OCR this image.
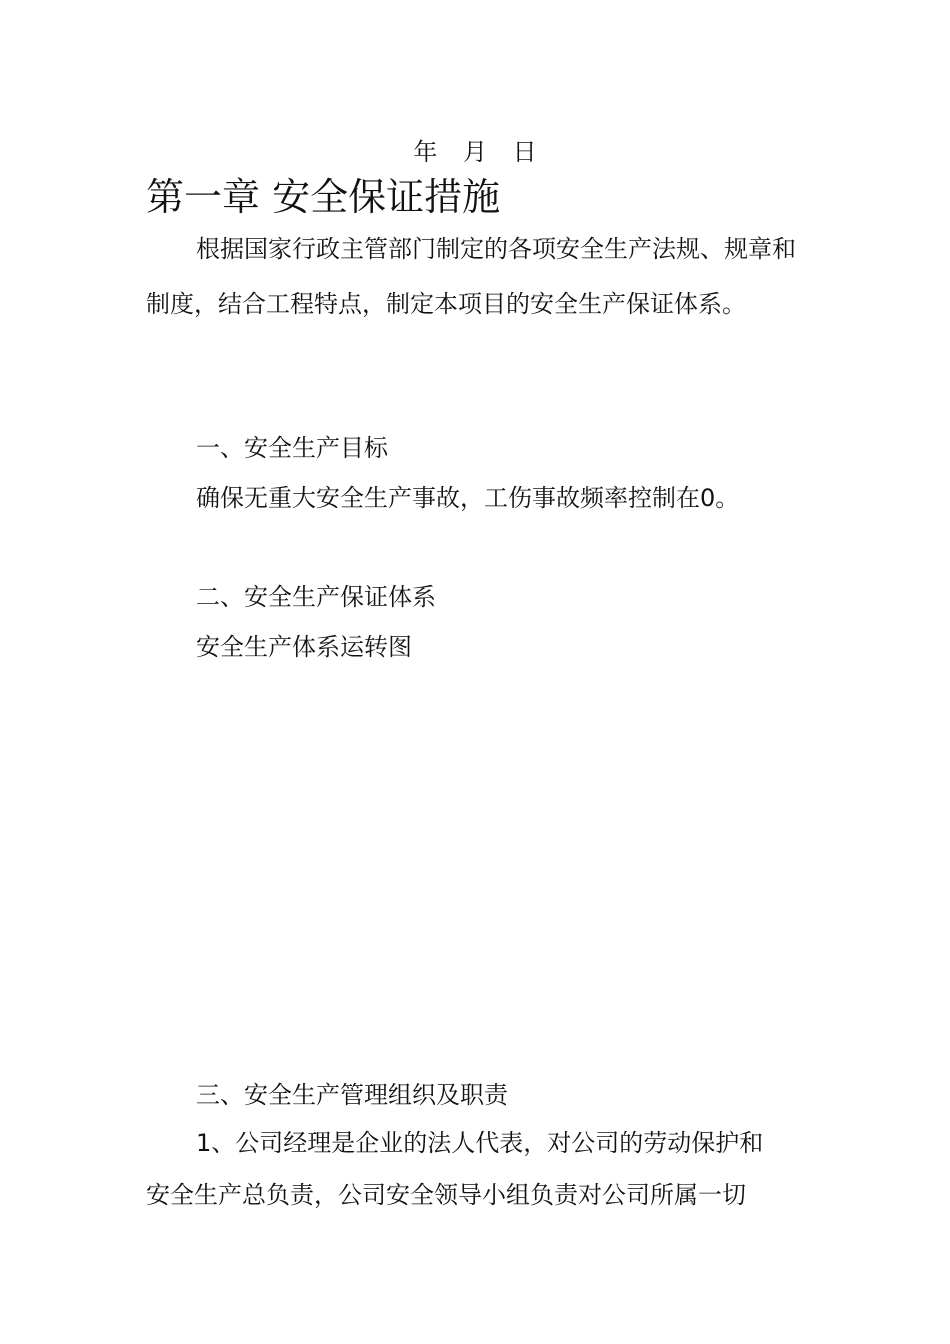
年 月 日
第一章 安全保证措施
根据国家行政主管部门制定的各项安全生产法规、规章和制度，结合工程特点，制定本项目的安全生产保证体系。
一、安全生产目标
确保无重大安全生产事故，工伤事故频率控制在0。
二、安全生产保证体系
安全生产体系运转图
三、安全生产管理组织及职责
1、公司经理是企业的法人代表，对公司的劳动保护和
安全生产总负责，公司安全领导小组负责对公司所属一切
